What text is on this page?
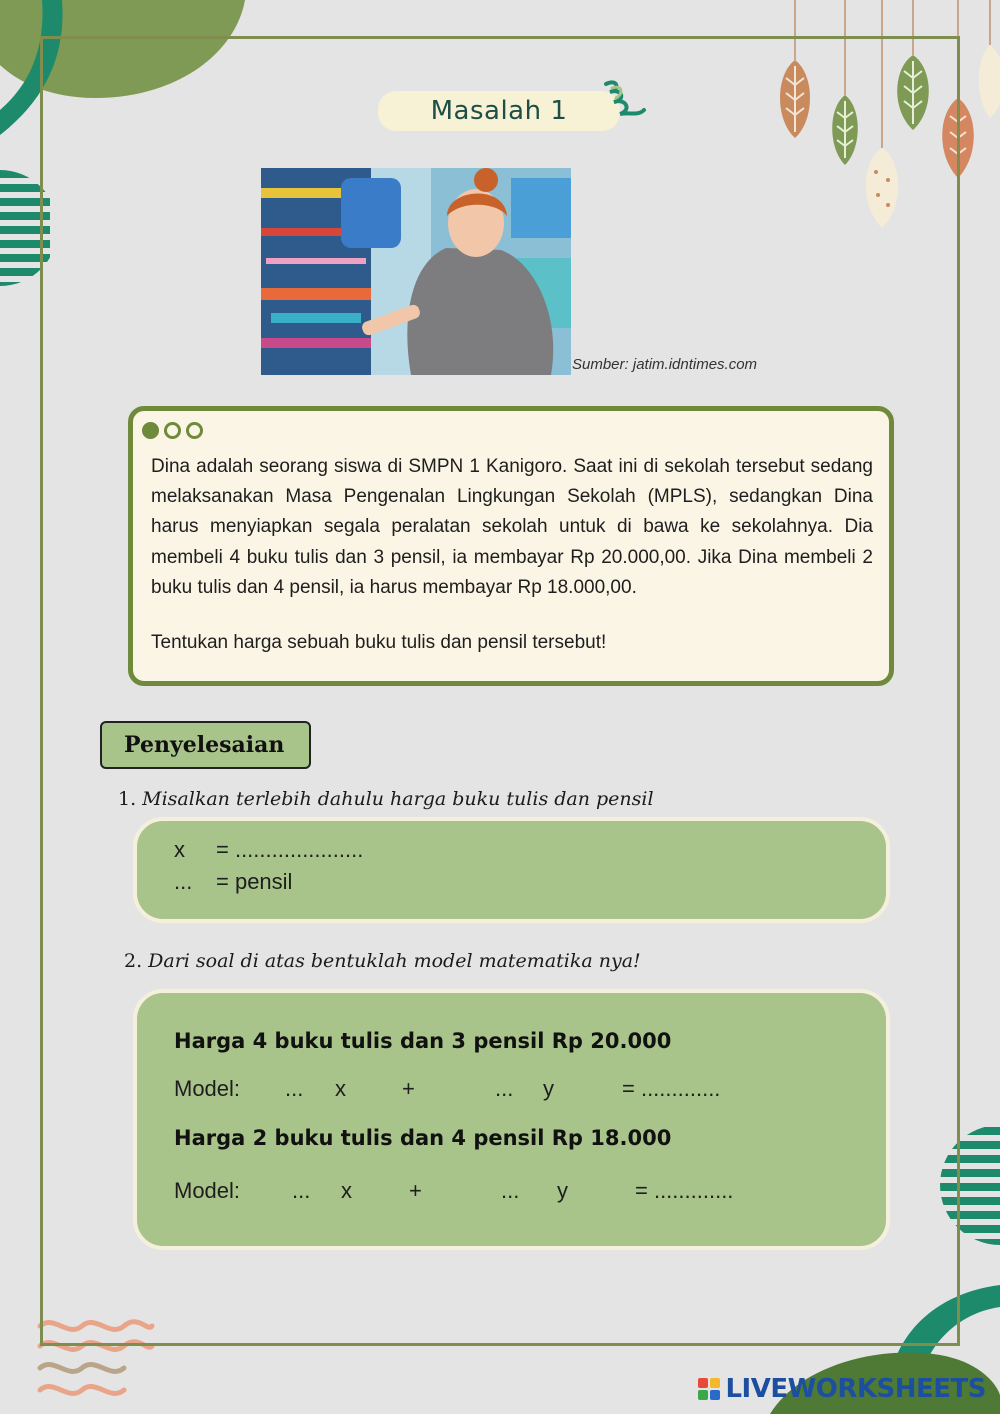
Masalah 1
Sumber: jatim.idntimes.com
Dina adalah seorang siswa di SMPN 1 Kanigoro. Saat ini di sekolah tersebut sedang melaksanakan Masa Pengenalan Lingkungan Sekolah (MPLS), sedangkan Dina harus menyiapkan segala peralatan sekolah untuk di bawa ke sekolahnya. Dia membeli 4 buku tulis dan 3 pensil, ia membayar Rp 20.000,00. Jika Dina membeli 2 buku tulis dan 4 pensil, ia harus membayar Rp 18.000,00.
Tentukan harga sebuah buku tulis dan pensil tersebut!
Penyelesaian
1. Misalkan terlebih dahulu harga buku tulis dan pensil
x = .....................
... = pensil
2. Dari soal di atas bentuklah model matematika nya!
Harga 4 buku tulis dan 3 pensil Rp 20.000
Model: ... x	+	... y	= .............
Harga 2 buku tulis dan 4 pensil Rp 18.000
Model: ... x	+	... y	= .............
LIVEWORKSHEETS
